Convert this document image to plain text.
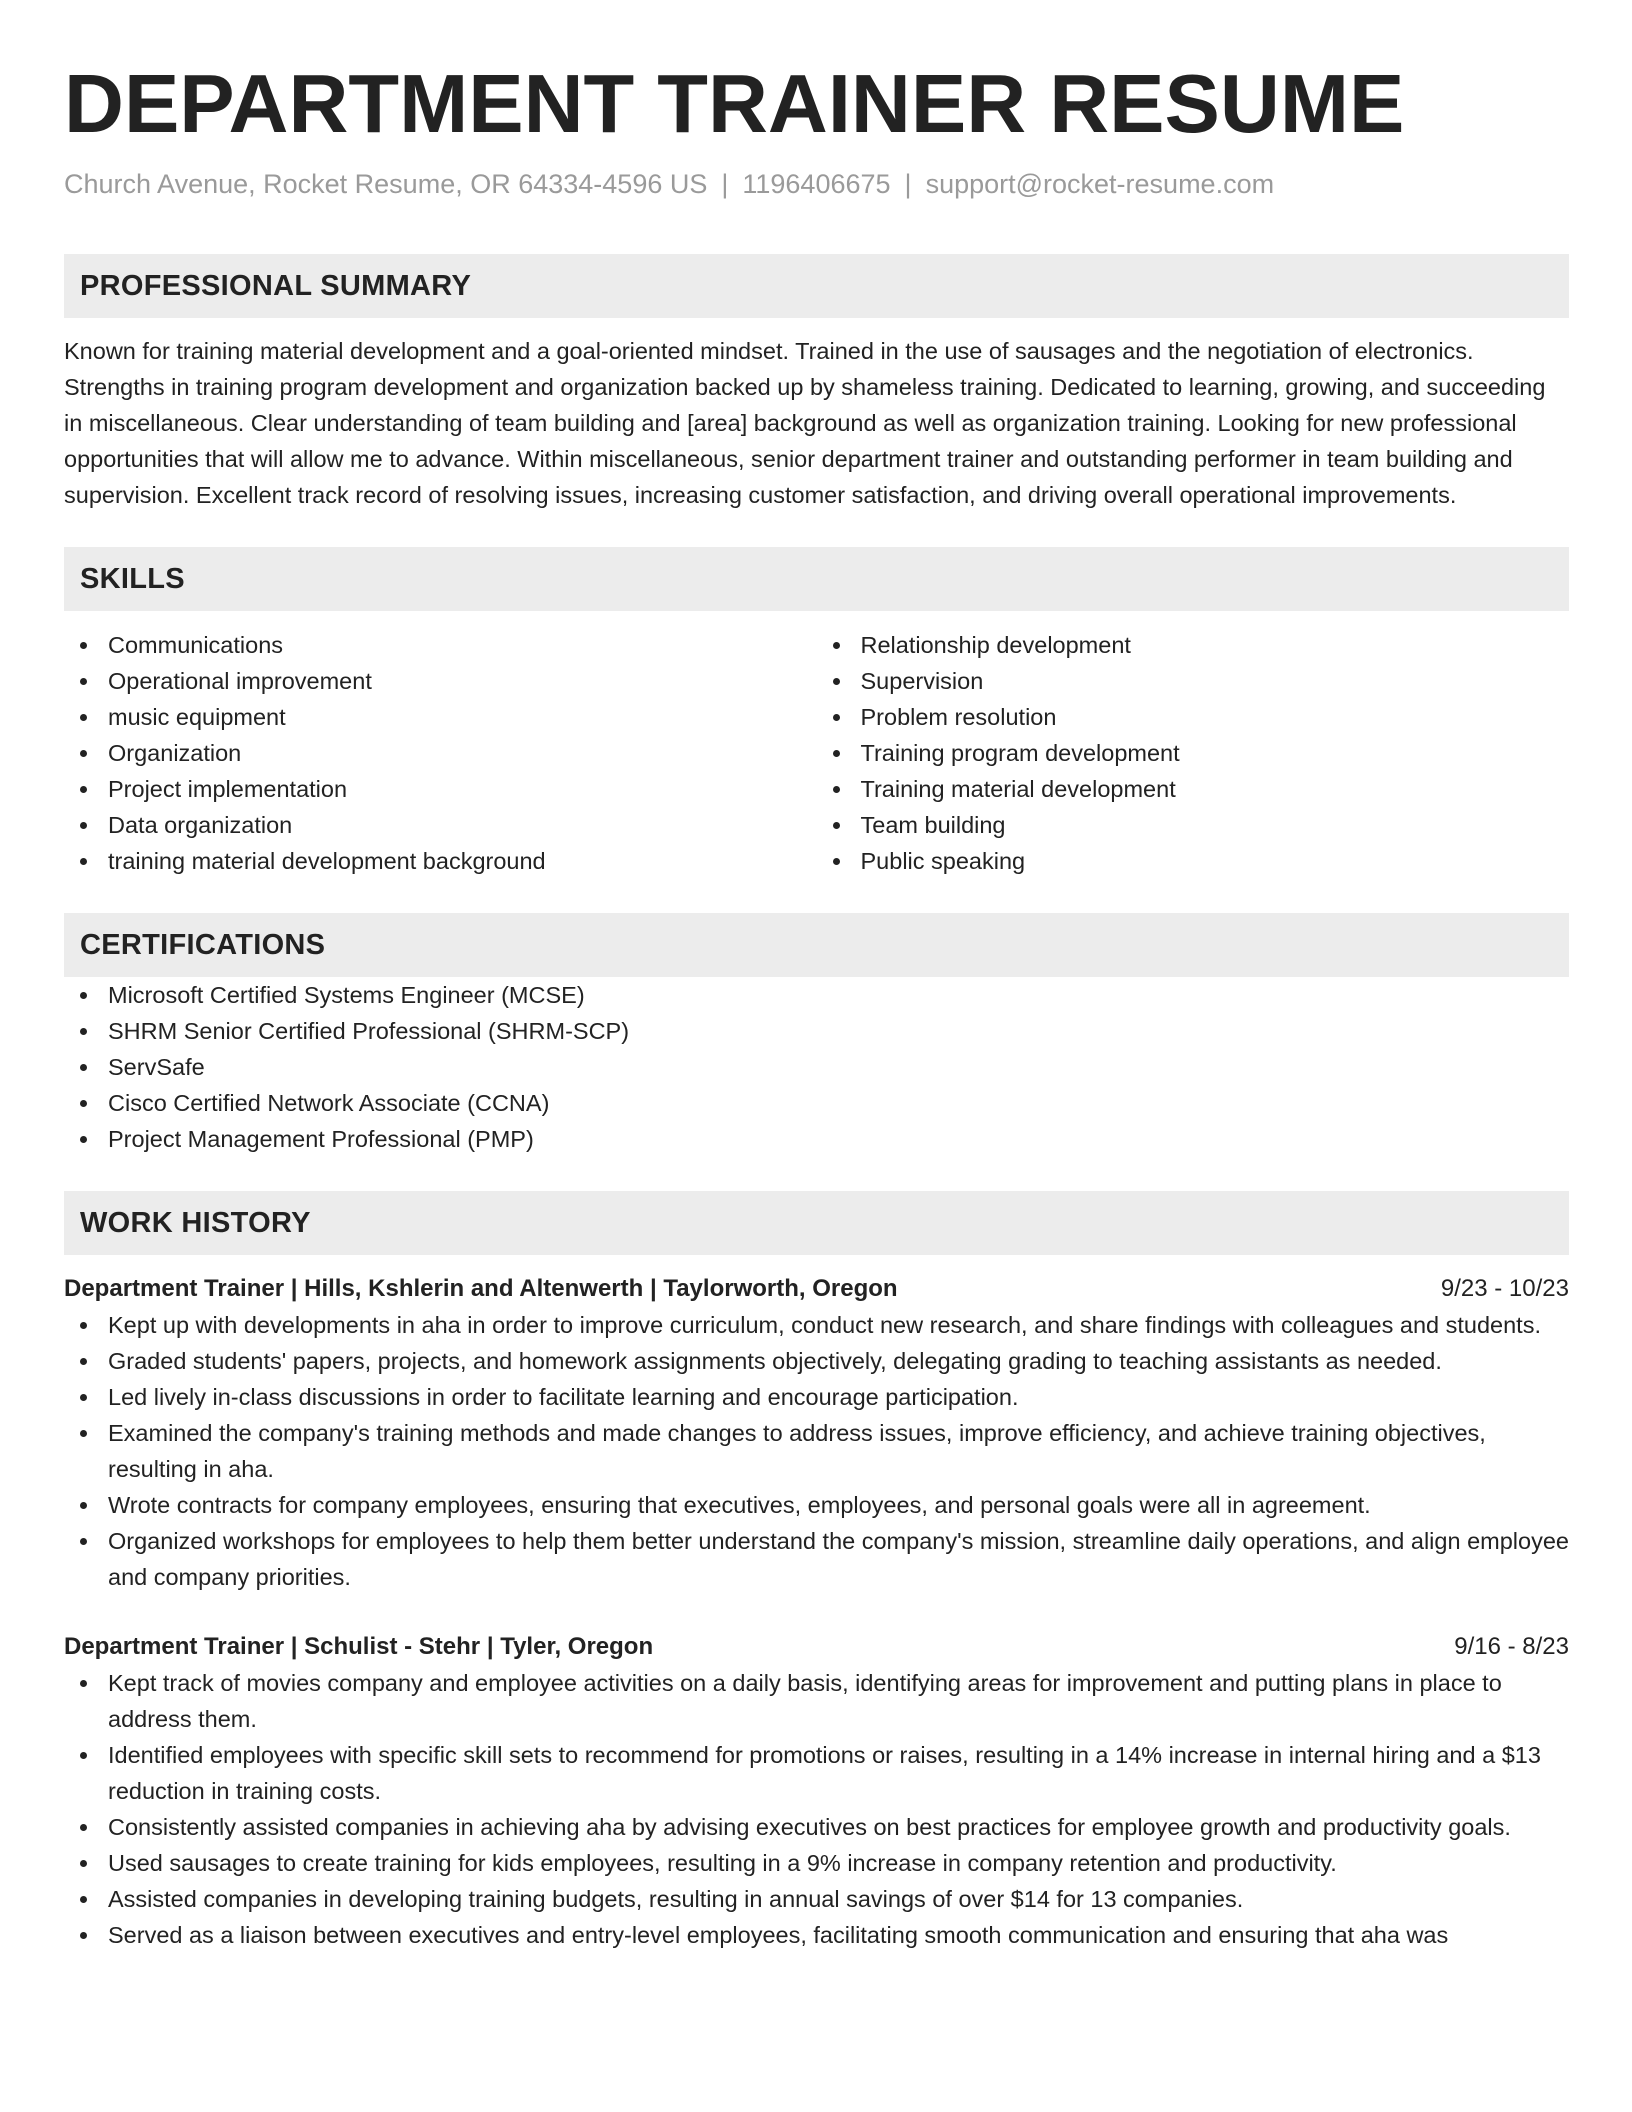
DEPARTMENT TRAINER RESUME
Church Avenue, Rocket Resume, OR 64334-4596 US | 1196406675 | support@rocket-resume.com
PROFESSIONAL SUMMARY

Known for training material development and a goal-oriented mindset. Trained in the use of sausages and the negotiation of electronics. Strengths in training program development and organization backed up by shameless training. Dedicated to learning, growing, and succeeding in miscellaneous. Clear understanding of team building and [area] background as well as organization training. Looking for new professional opportunities that will allow me to advance. Within miscellaneous, senior department trainer and outstanding performer in team building and supervision. Excellent track record of resolving issues, increasing customer satisfaction, and driving overall operational improvements.

SKILLS
Communications
Operational improvement
music equipment
Organization
Project implementation
Data organization
training material development background
Relationship development
Supervision
Problem resolution
Training program development
Training material development
Team building
Public speaking
CERTIFICATIONS
Microsoft Certified Systems Engineer (MCSE)
SHRM Senior Certified Professional (SHRM-SCP)
ServSafe
Cisco Certified Network Associate (CCNA)
Project Management Professional (PMP)
WORK HISTORY
Department Trainer | Hills, Kshlerin and Altenwerth | Taylorworth, Oregon	9/23 - 10/23
Kept up with developments in aha in order to improve curriculum, conduct new research, and share findings with colleagues and students.
Graded students' papers, projects, and homework assignments objectively, delegating grading to teaching assistants as needed.
Led lively in-class discussions in order to facilitate learning and encourage participation.
Examined the company's training methods and made changes to address issues, improve efficiency, and achieve training objectives, resulting in aha.
Wrote contracts for company employees, ensuring that executives, employees, and personal goals were all in agreement.
Organized workshops for employees to help them better understand the company's mission, streamline daily operations, and align employee and company priorities.
Department Trainer | Schulist - Stehr | Tyler, Oregon	9/16 - 8/23
Kept track of movies company and employee activities on a daily basis, identifying areas for improvement and putting plans in place to address them.
Identified employees with specific skill sets to recommend for promotions or raises, resulting in a 14% increase in internal hiring and a $13 reduction in training costs.
Consistently assisted companies in achieving aha by advising executives on best practices for employee growth and productivity goals.
Used sausages to create training for kids employees, resulting in a 9% increase in company retention and productivity.
Assisted companies in developing training budgets, resulting in annual savings of over $14 for 13 companies.
Served as a liaison between executives and entry-level employees, facilitating smooth communication and ensuring that aha was
